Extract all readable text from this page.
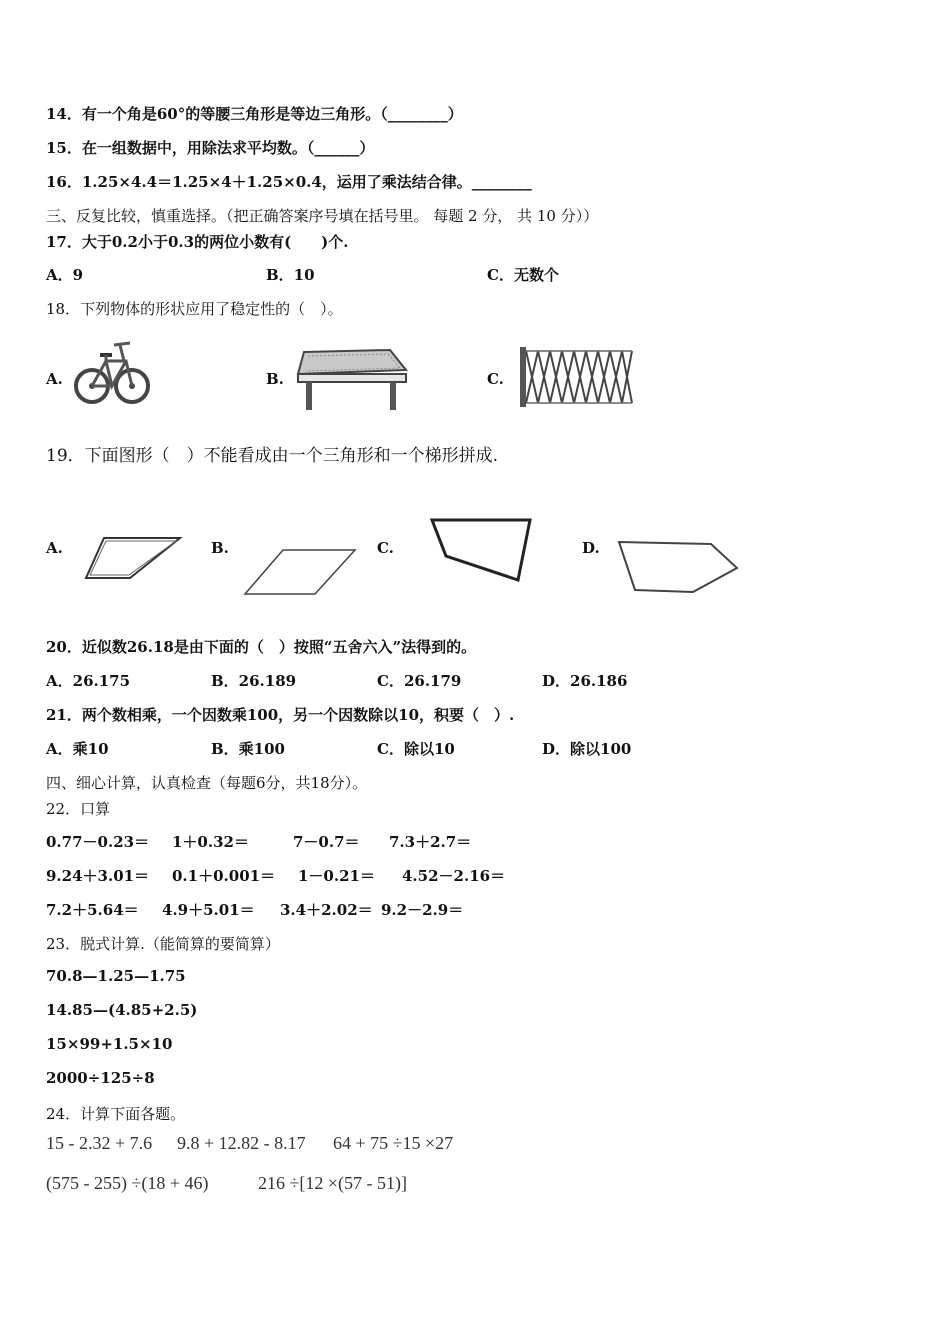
14．有一个角是60°的等腰三角形是等边三角形。（________）
15．在一组数据中，用除法求平均数。（______）
16．1.25×4.4＝1.25×4＋1.25×0.4，运用了乘法结合律。________
三、反复比较，慎重选择。（把正确答案序号填在括号里。 每题 2 分， 共 10 分））
17．大于0.2小于0.3的两位小数有(　　)个.
A．9	B．10	C．无数个
18．下列物体的形状应用了稳定性的（　）。
A.	B.	C.
19．下面图形（　）不能看成由一个三角形和一个梯形拼成.
A.	B.	C.	D.
20．近似数26.18是由下面的（　）按照“五舍六入”法得到的。
A．26.175	B．26.189	C．26.179	D．26.186
21．两个数相乘，一个因数乘100，另一个因数除以10，积要（　）.
A．乘10	B．乘100	C．除以10	D．除以100
四、细心计算，认真检查（每题6分，共18分）。
22．口算
0.77－0.23＝ 1＋0.32＝	7－0.7＝ 7.3＋2.7＝
9.24＋3.01＝ 0.1＋0.001＝ 1－0.21＝ 4.52－2.16＝
7.2＋5.64＝ 4.9＋5.01＝ 3.4＋2.02＝ 9.2－2.9＝
23．脱式计算.（能简算的要简算）
70.8—1.25—1.75
14.85—(4.85+2.5)
15×99+1.5×10
2000÷125÷8
24．计算下面各题。
15 - 2.32 + 7.6 9.8 + 12.82 - 8.17 64 + 75 ÷15 ×27
(575 - 255) ÷(18 + 46)	216 ÷[12 ×(57 - 51)]
